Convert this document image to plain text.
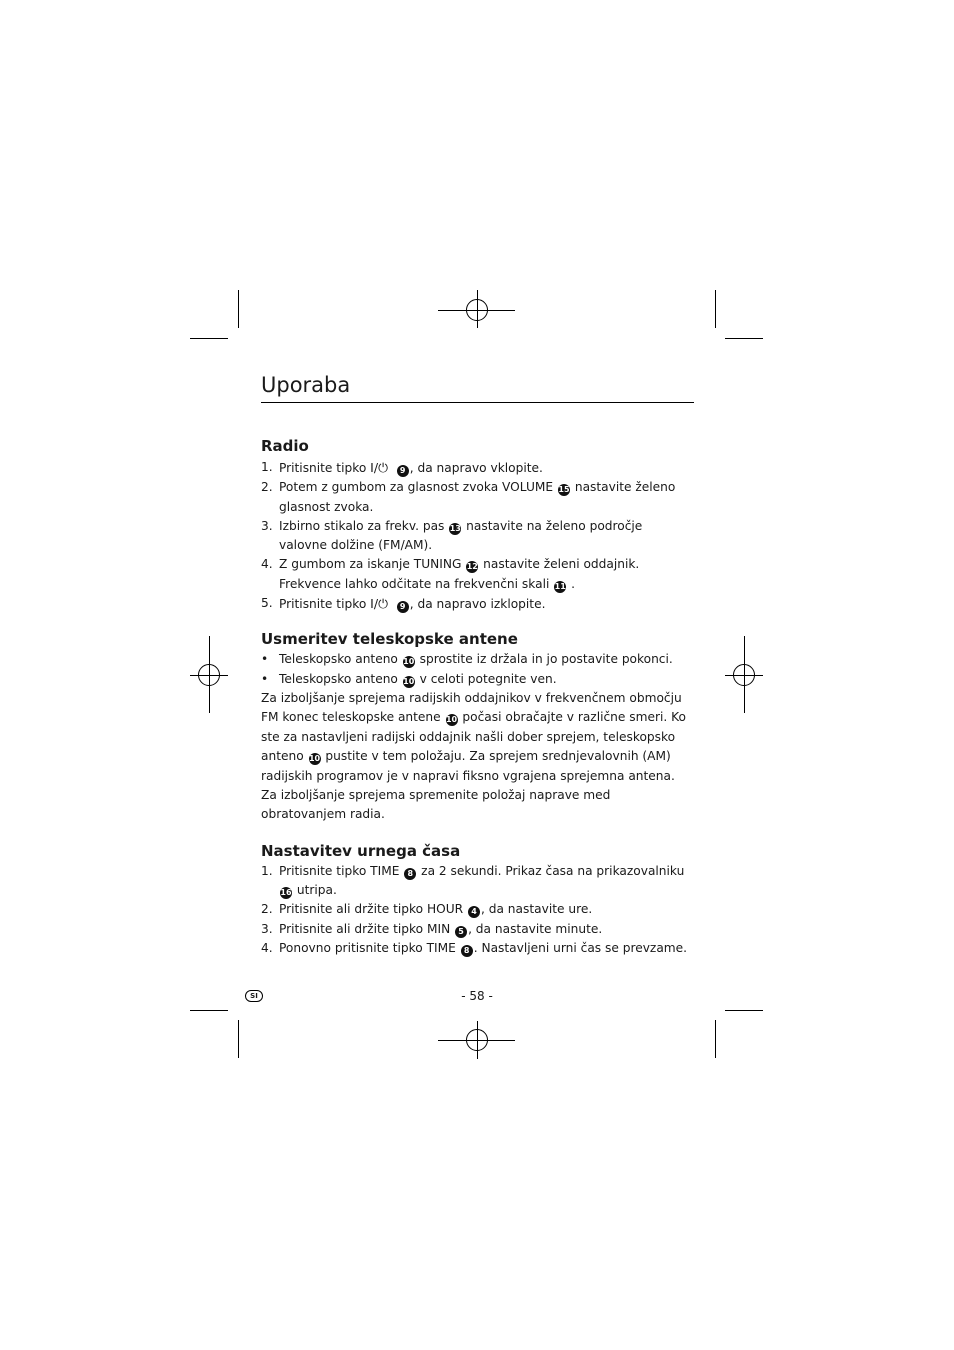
Uporaba
Radio
1. Pritisnite tipko I/⏻ 9 , da napravo vklopite.
2. Potem z gumbom za glasnost zvoka VOLUME 15 nastavite želeno glasnost zvoka.
3. Izbirno stikalo za frekv. pas 13 nastavite na želeno področje valovne dolžine (FM/AM).
4. Z gumbom za iskanje TUNING 12 nastavite želeni oddajnik.
Frekvence lahko odčitate na frekvenčni skali 11 .
5. Pritisnite tipko I/⏻ 9 , da napravo izklopite.
Usmeritev teleskopske antene
• Teleskopsko anteno 10 sprostite iz držala in jo postavite pokonci.
• Teleskopsko anteno 10 v celoti potegnite ven.

Za izboljšanje sprejema radijskih oddajnikov v frekvenčnem območju FM konec teleskopske antene 10 počasi obračajte v različne smeri. Ko ste za nastavljeni radijski oddajnik našli dober sprejem, teleskopsko anteno 10 pustite v tem položaju. Za sprejem srednjevalovnih (AM) radijskih programov je v napravi fiksno vgrajena sprejemna antena. Za izboljšanje sprejema spremenite položaj naprave med obratovanjem radia.

Nastavitev urnega časa
1. Pritisnite tipko TIME 8 za 2 sekundi. Prikaz časa na prikazovalniku 16 utripa.
2. Pritisnite ali držite tipko HOUR 4 , da nastavite ure.
3. Pritisnite ali držite tipko MIN 5 , da nastavite minute.
4. Ponovno pritisnite tipko TIME 8 . Nastavljeni urni čas se prevzame.
SI	- 58 -
